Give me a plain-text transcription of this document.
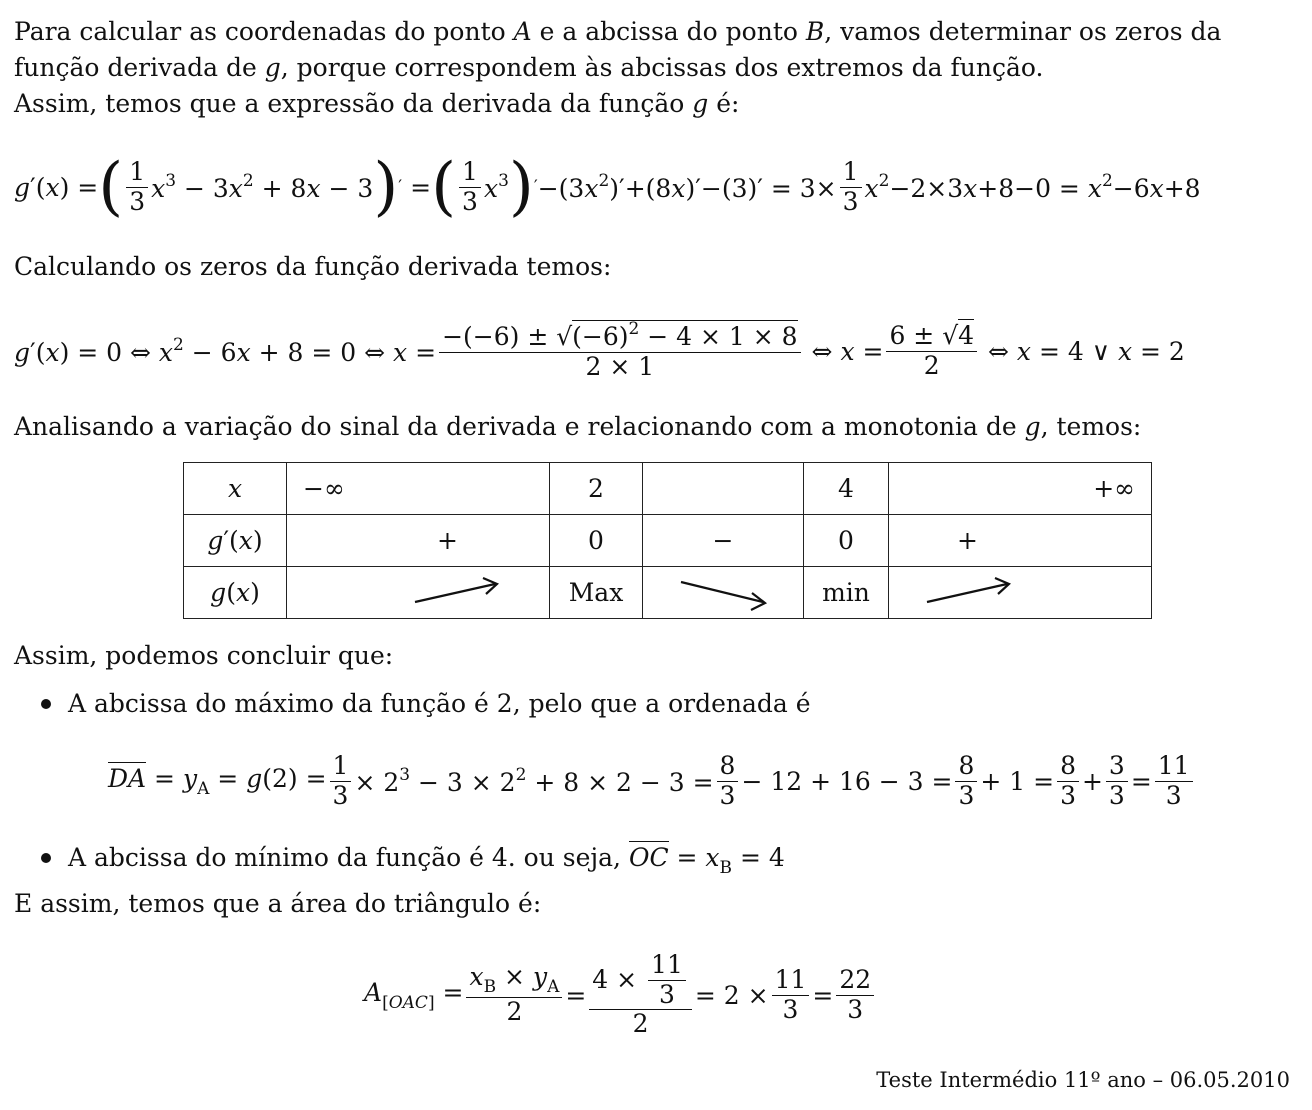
Para calcular as coordenadas do ponto A e a abcissa do ponto B, vamos determinar os zeros da
função derivada de g, porque correspondem às abcissas dos extremos da função.
Assim, temos que a expressão da derivada da função g é:
g′(x) = ( $\frac{1}{3} x^3 - 3x^2 + 8x - 3$ ) ′ = ( $\frac{1}{3} x^3$ ) ′ $-(3x^2)'+(8x)'-(3)' = 3\times \frac{1}{3} x^2-2\times 3x+8-0 = x^2-6x+8$
Calculando os zeros da função derivada temos:
g′(x) = 0 ⇔ $x^2 - 6x + 8 = 0$ ⇔ $x = \frac{-(-6) \pm √(-6)^2 - 4 \times 1 \times 8}{2 \times 1}$ ⇔ $x = \frac{6 \pm √4}{2}$ ⇔ x = 4 ∨ x = 2
Analisando a variação do sinal da derivada e relacionando com a monotonia de g, temos:
x	−∞	2		4	+∞
g′(x)	+	0	−	0	+
g(x)		Max		min	
Assim, podemos concluir que:
A abcissa do máximo da função é 2, pelo que a ordenada é
DA = $y_A = g(2) = \frac{1}{3} \times 2^3 - 3 \times 2^2 + 8 \times 2 - 3 = \frac{8}{3} - 12 + 16 - 3 = \frac{8}{3} + 1 = \frac{8}{3} + \frac{3}{3} = \frac{11}{3}$
A abcissa do mínimo da função é 4. ou seja, OC = $x_B = 4$
E assim, temos que a área do triângulo é:
$A_{[OAC]} = \frac{x_B \times y_A}{2} = \frac{4 \times \frac{11}{3}}{2} = 2 \times \frac{11}{3} = \frac{22}{3}$
Teste Intermédio 11º ano – 06.05.2010
